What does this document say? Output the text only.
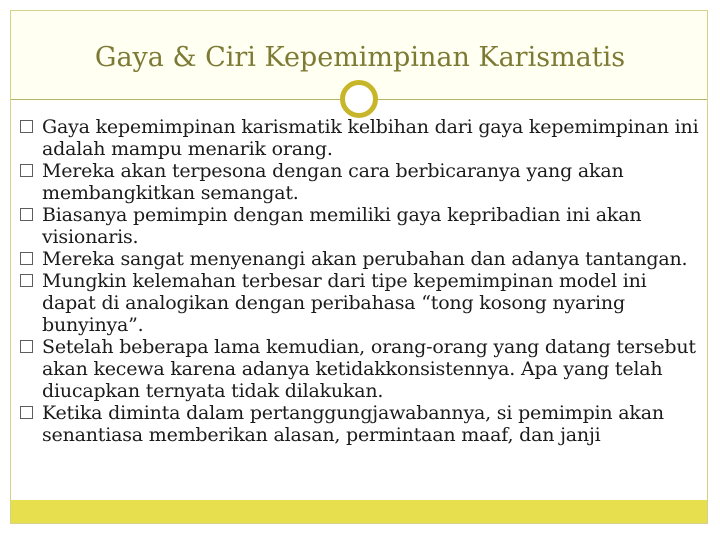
Gaya & Ciri Kepemimpinan Karismatis
Gaya kepemimpinan karismatik kelbihan dari gaya kepemimpinan ini adalah mampu menarik orang.
Mereka akan terpesona dengan cara berbicaranya yang akan membangkitkan semangat.
Biasanya pemimpin dengan memiliki gaya kepribadian ini akan visionaris.
Mereka sangat menyenangi akan perubahan dan adanya tantangan.
Mungkin kelemahan terbesar dari tipe kepemimpinan model ini dapat di analogikan dengan peribahasa “tong kosong nyaring bunyinya”.
Setelah beberapa lama kemudian, orang-orang yang datang tersebut akan kecewa karena adanya ketidakkonsistennya. Apa yang telah diucapkan ternyata tidak dilakukan.
Ketika diminta dalam pertanggungjawabannya, si pemimpin akan senantiasa memberikan alasan, permintaan maaf, dan janji
